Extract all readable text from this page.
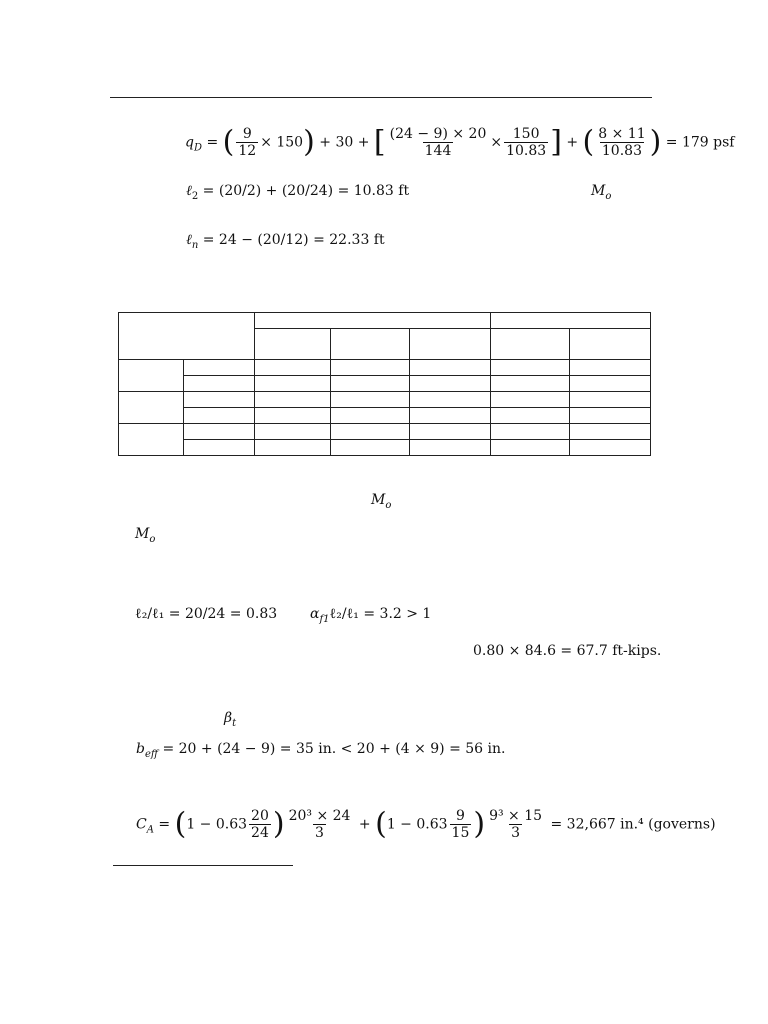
$q_D$ = ( $\frac{9}{12} \times 150) + 30$ + [ $\frac{(24 - 9) \times 20}{144} \times \frac{150}{10.83}$ ] + ( $\frac{8 \times 11}{10.83}$ ) = 179 psf
ℓ$_2$ = (20/2) + (20/24) = 10.83 ft	$M_o$
ℓ$_n$ = 24 − (20/12) = 22.33 ft

$M_o$
$M_o$
ℓ₂/ℓ₁ = 20/24 = 0.83 $\alpha_{f1}\ell_2/\ell_1 = 3.2 > 1$
0.80 × 84.6 = 67.7 ft-kips.
$\beta_t$
$b_{eff} = 20 + (24 - 9) = 35$ in. < 20 + (4 × 9) = 56 in.
$C_A = (1 - 0.63 \frac{20}{24}$ ) $\frac{\text{20³ × 24}}{3} + (1 - 0.63 \frac{9}{15}$ ) $\frac{\text{9³ × 15}}{3} = 32,667$ in.⁴ (governs)
